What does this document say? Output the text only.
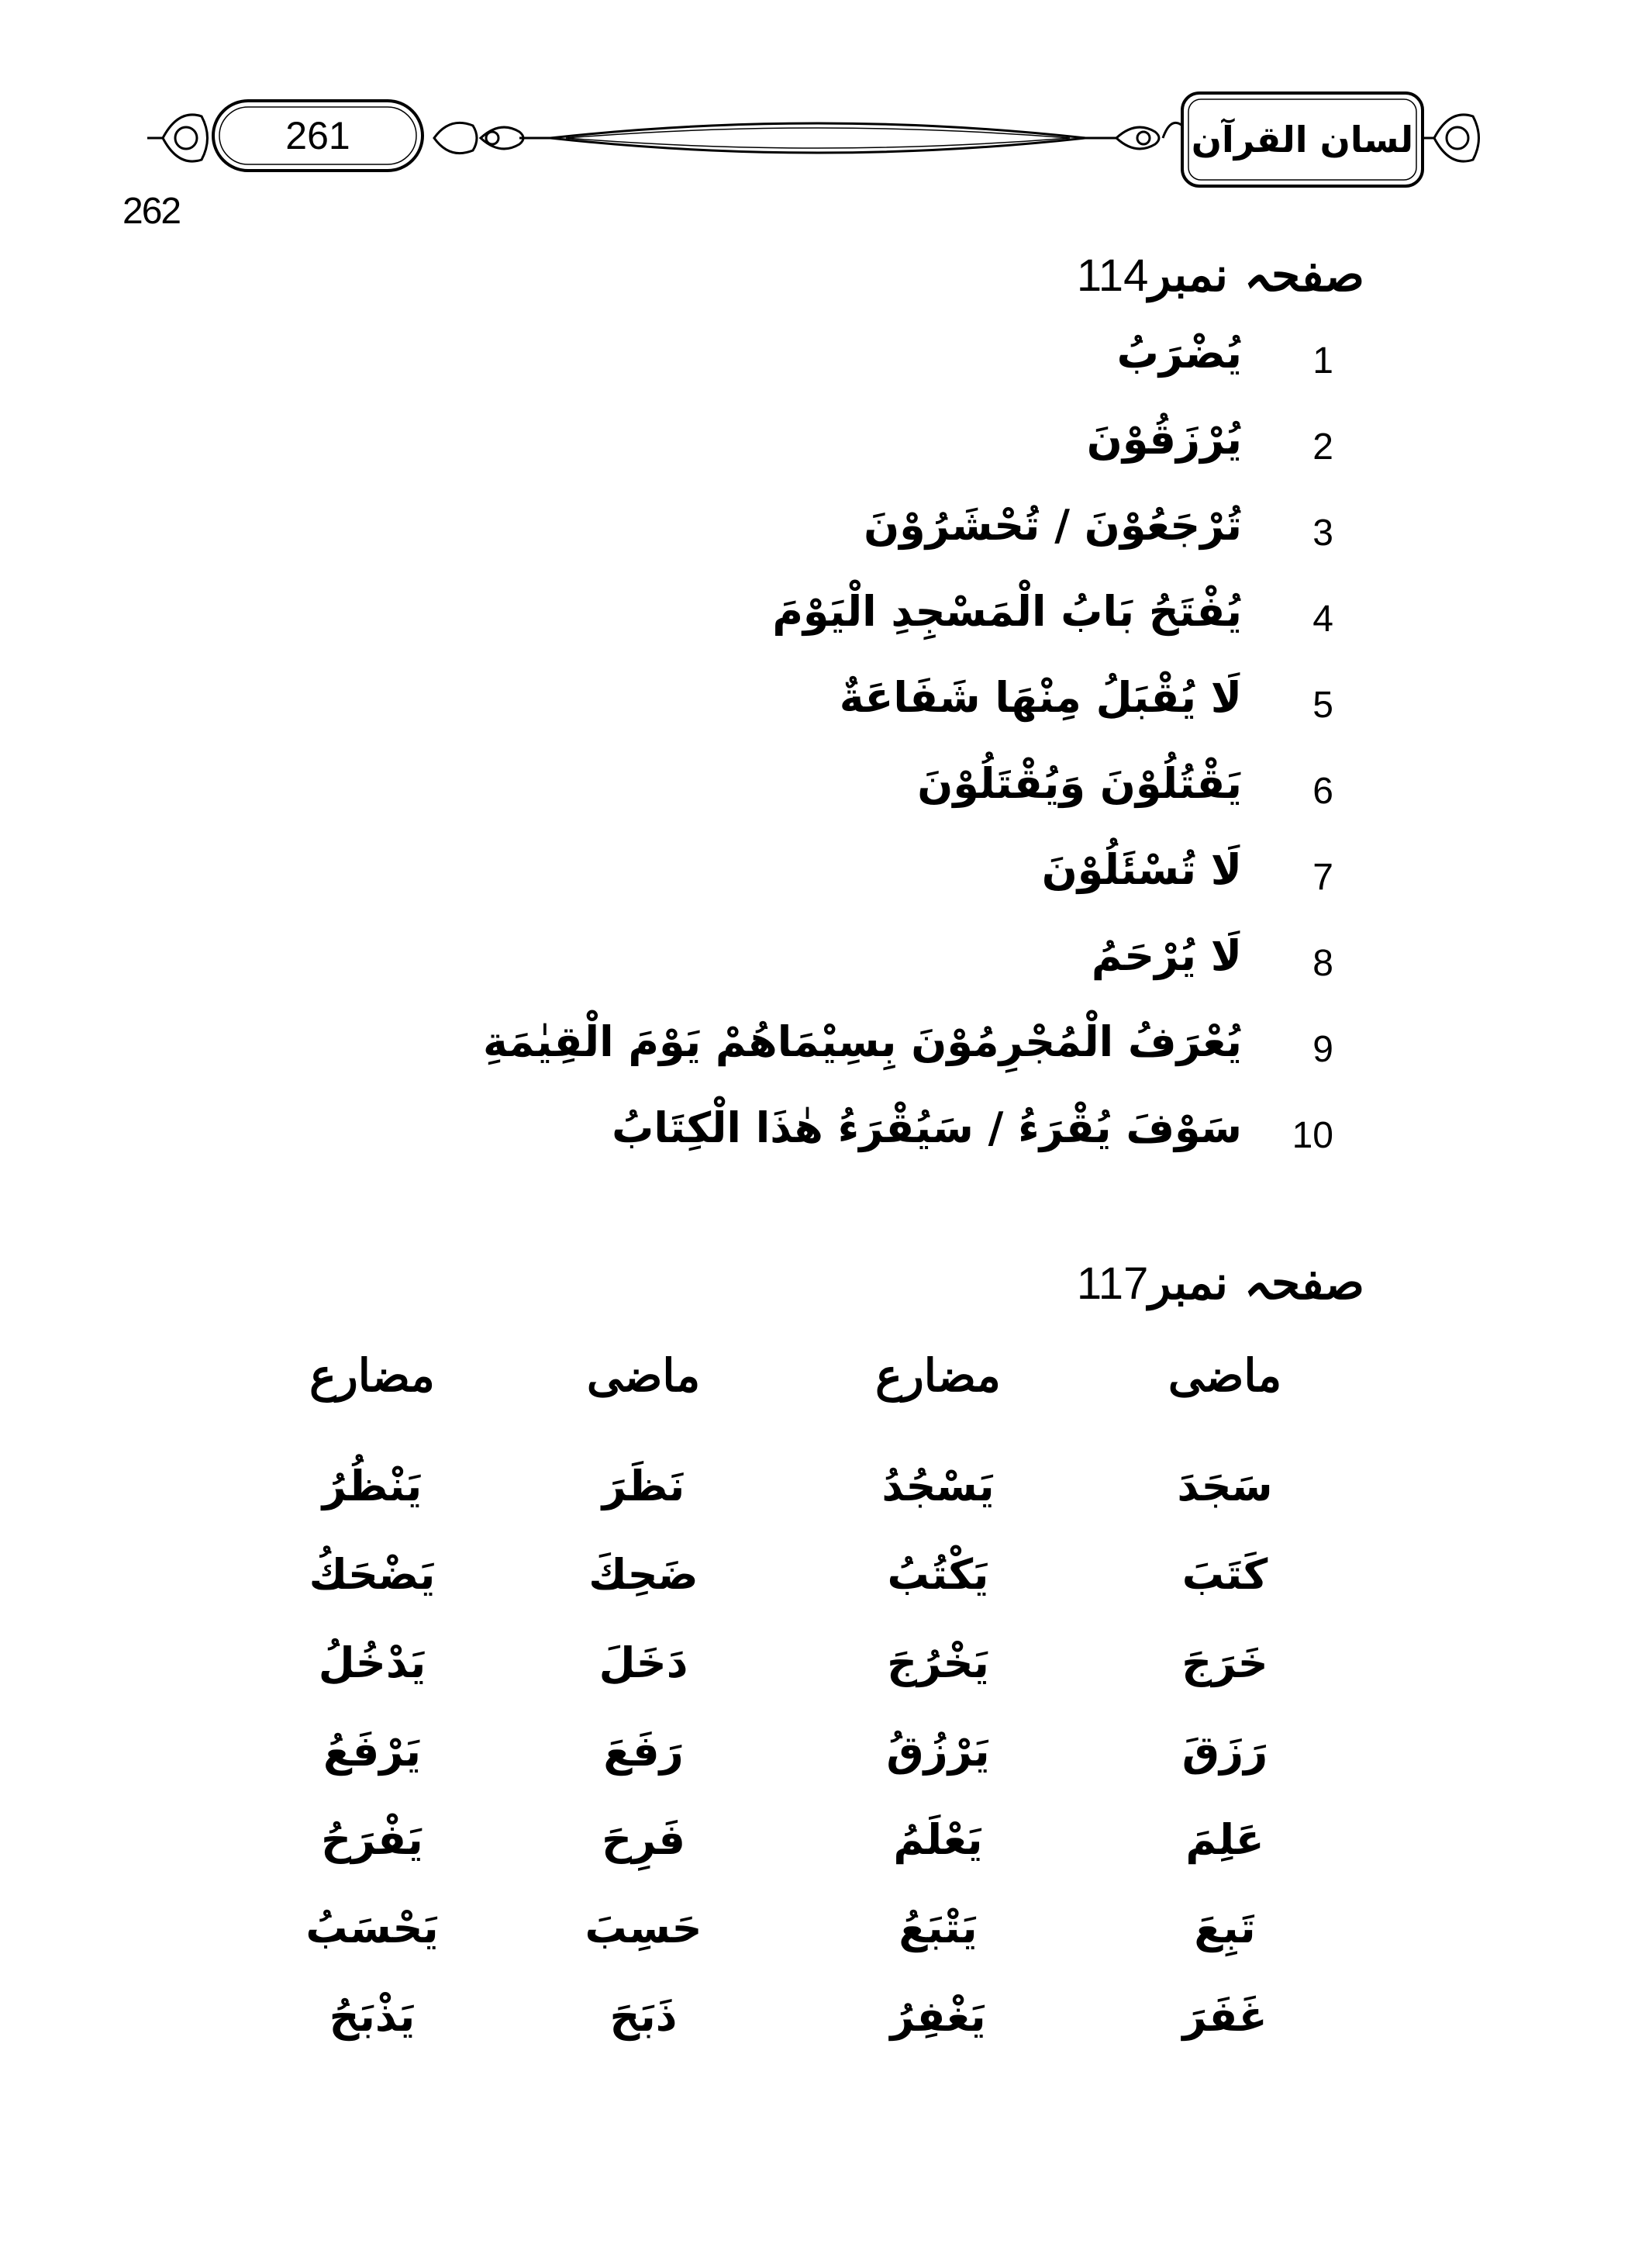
261	لسان القرآن
262
صفحہ نمبر
114
1
يُضْرَبُ
2
يُرْزَقُوْنَ
3
تُرْجَعُوْنَ / تُحْشَرُوْنَ
4
يُفْتَحُ بَابُ الْمَسْجِدِ الْيَوْمَ
5
لَا يُقْبَلُ مِنْهَا شَفَاعَةٌ
6
يَقْتُلُوْنَ وَيُقْتَلُوْنَ
7
لَا تُسْئَلُوْنَ
8
لَا يُرْحَمُ
9
يُعْرَفُ الْمُجْرِمُوْنَ بِسِيْمَاهُمْ يَوْمَ الْقِيٰمَةِ
10
سَوْفَ يُقْرَءُ / سَيُقْرَءُ هٰذَا الْكِتَابُ
صفحہ نمبر
117
ماضی
مضارع
ماضی
مضارع
سَجَدَ
يَسْجُدُ
نَظَرَ
يَنْظُرُ
كَتَبَ
يَكْتُبُ
ضَحِكَ
يَضْحَكُ
خَرَجَ
يَخْرُجَ
دَخَلَ
يَدْخُلُ
رَزَقَ
يَرْزُقُ
رَفَعَ
يَرْفَعُ
عَلِمَ
يَعْلَمُ
فَرِحَ
يَفْرَحُ
تَبِعَ
يَتْبَعُ
حَسِبَ
يَحْسَبُ
غَفَرَ
يَغْفِرُ
ذَبَحَ
يَذْبَحُ
